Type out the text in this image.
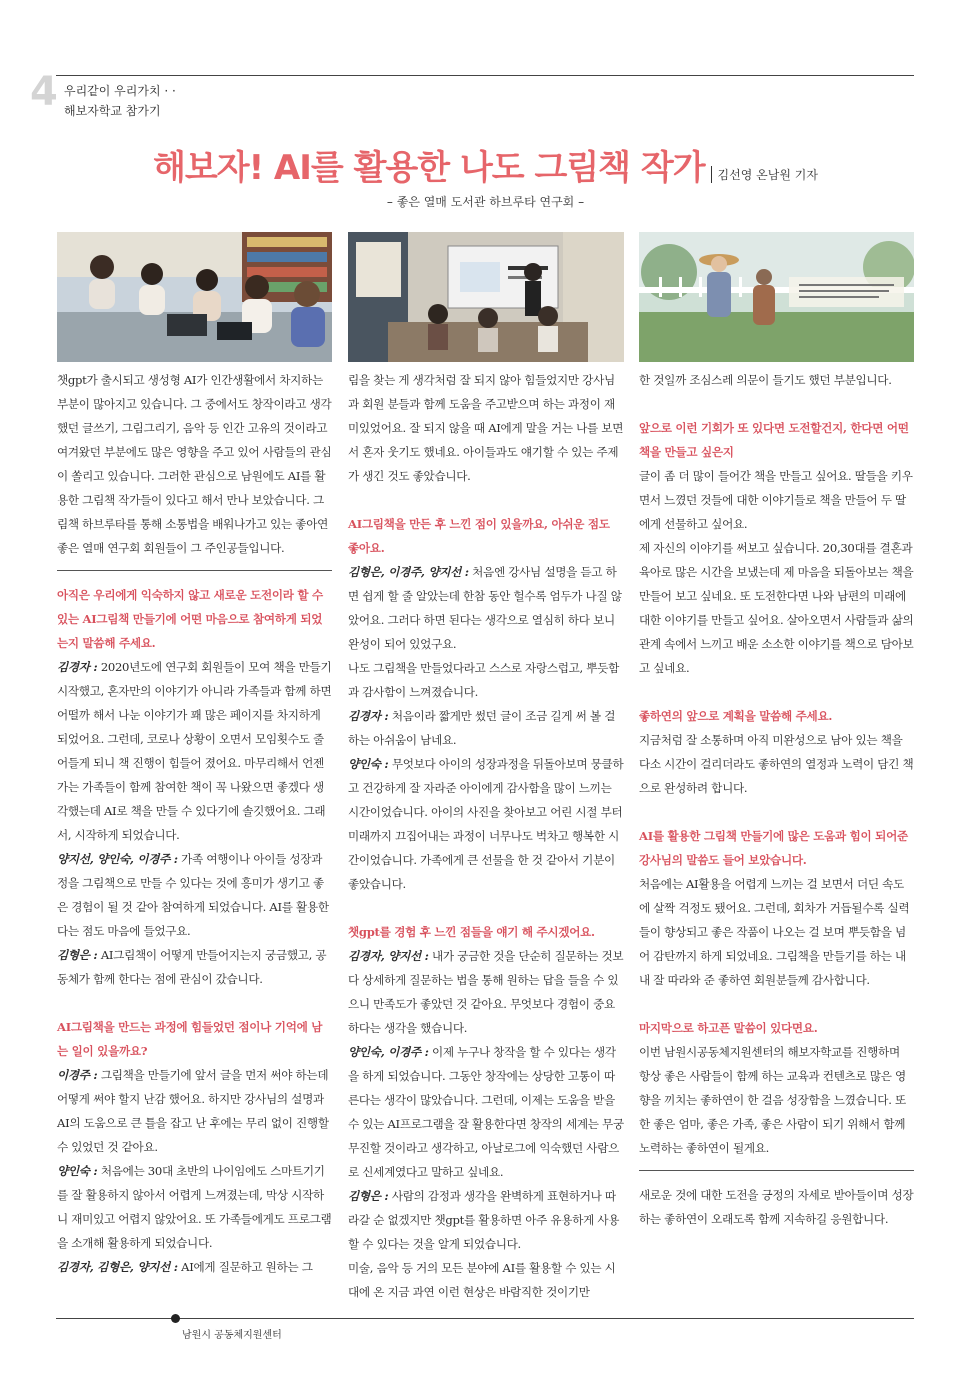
4 우리같이 우리가치 · ·
해보자학교 참가기
해보자! AI를 활용한 나도 그림책 작가 김선영 온남원 기자
– 좋은 열매 도서관 하브루타 연구회 –

챗gpt가 출시되고 생성형 AI가 인간생활에서 차지하는 부분이 많아지고 있습니다. 그 중에서도 창작이라고 생각했던 글쓰기, 그림그리기, 음악 등 인간 고유의 것이라고 여겨왔던 부분에도 많은 영향을 주고 있어 사람들의 관심이 쏠리고 있습니다. 그러한 관심으로 남원에도 AI를 활용한 그림책 작가들이 있다고 해서 만나 보았습니다. 그림책 하브루타를 통해 소통법을 배워나가고 있는 좋아연 좋은 열매 연구회 회원들이 그 주인공들입니다.

아직은 우리에게 익숙하지 않고 새로운 도전이라 할 수 있는 AI그림책 만들기에 어떤 마음으로 참여하게 되었는지 말씀해 주세요.

김경자 : 2020년도에 연구회 회원들이 모여 책을 만들기 시작했고, 혼자만의 이야기가 아니라 가족들과 함께 하면 어떨까 해서 나눈 이야기가 꽤 많은 페이지를 차지하게 되었어요. 그런데, 코로나 상황이 오면서 모임횟수도 줄어들게 되니 책 진행이 힘들어 졌어요. 마무리해서 언젠가는 가족들이 함께 참여한 책이 꼭 나왔으면 좋겠다 생각했는데 AI로 책을 만들 수 있다기에 솔깃했어요. 그래서, 시작하게 되었습니다.

양지선, 양인숙, 이경주 : 가족 여행이나 아이들 성장과정을 그림책으로 만들 수 있다는 것에 흥미가 생기고 좋은 경험이 될 것 같아 참여하게 되었습니다. AI를 활용한다는 점도 마음에 들었구요.

김형은 : AI그림책이 어떻게 만들어지는지 궁금했고, 공동체가 함께 한다는 점에 관심이 갔습니다.

AI그림책을 만드는 과정에 힘들었던 점이나 기억에 남는 일이 있을까요?

이경주 : 그림책을 만들기에 앞서 글을 먼저 써야 하는데 어떻게 써야 할지 난감 했어요. 하지만 강사님의 설명과 AI의 도움으로 큰 틀을 잡고 난 후에는 무리 없이 진행할 수 있었던 것 같아요.

양인숙 : 처음에는 30대 초반의 나이임에도 스마트기기를 잘 활용하지 않아서 어렵게 느껴졌는데, 막상 시작하니 재미있고 어렵지 않았어요. 또 가족들에게도 프로그램을 소개해 활용하게 되었습니다.

김경자, 김형은, 양지선 : AI에게 질문하고 원하는 그

림을 찾는 게 생각처럼 잘 되지 않아 힘들었지만 강사님과 회원 분들과 함께 도움을 주고받으며 하는 과정이 재미있었어요. 잘 되지 않을 때 AI에게 말을 거는 나를 보면서 혼자 웃기도 했네요. 아이들과도 얘기할 수 있는 주제가 생긴 것도 좋았습니다.

AI그림책을 만든 후 느낀 점이 있을까요, 아쉬운 점도 좋아요.

김형은, 이경주, 양지선 : 처음엔 강사님 설명을 듣고 하면 쉽게 할 줄 알았는데 한참 동안 헐수록 엄두가 나질 않았어요. 그러다 하면 된다는 생각으로 열심히 하다 보니 완성이 되어 있었구요.

나도 그림책을 만들었다라고 스스로 자랑스럽고, 뿌듯함과 감사함이 느껴졌습니다.

김경자 : 처음이라 짧게만 썼던 글이 조금 길게 써 볼 걸 하는 아쉬움이 남네요.

양인숙 : 무엇보다 아이의 성장과정을 뒤돌아보며 뭉클하고 건강하게 잘 자라준 아이에게 감사함을 많이 느끼는 시간이었습니다. 아이의 사진을 찾아보고 어린 시절 부터 미래까지 끄집어내는 과정이 너무나도 벅차고 행복한 시간이었습니다. 가족에게 큰 선물을 한 것 같아서 기분이 좋았습니다.

챗gpt를 경험 후 느낀 점들을 얘기 해 주시겠어요.

김경자, 양지선 : 내가 궁금한 것을 단순히 질문하는 것보다 상세하게 질문하는 법을 통해 원하는 답을 들을 수 있으니 만족도가 좋았던 것 같아요. 무엇보다 경험이 중요하다는 생각을 했습니다.

양인숙, 이경주 : 이제 누구나 창작을 할 수 있다는 생각을 하게 되었습니다. 그동안 창작에는 상당한 고통이 따른다는 생각이 많았습니다. 그런데, 이제는 도움을 받을 수 있는 AI프로그램을 잘 활용한다면 창작의 세계는 무궁무진할 것이라고 생각하고, 아날로그에 익숙했던 사람으로 신세계였다고 말하고 싶네요.

김형은 : 사람의 감정과 생각을 완벽하게 표현하거나 따라갈 순 없겠지만 챗gpt를 활용하면 아주 유용하게 사용할 수 있다는 것을 알게 되었습니다.

미술, 음악 등 거의 모든 분야에 AI를 활용할 수 있는 시대에 온 지금 과연 이런 현상은 바람직한 것이기만

한 것일까 조심스레 의문이 들기도 했던 부분입니다.

앞으로 이런 기회가 또 있다면 도전할건지, 한다면 어떤 책을 만들고 싶은지

글이 좀 더 많이 들어간 책을 만들고 싶어요. 딸들을 키우면서 느꼈던 것들에 대한 이야기들로 책을 만들어 두 딸에게 선물하고 싶어요.

제 자신의 이야기를 써보고 싶습니다. 20,30대를 결혼과 육아로 많은 시간을 보냈는데 제 마음을 되돌아보는 책을 만들어 보고 싶네요. 또 도전한다면 나와 남편의 미래에 대한 이야기를 만들고 싶어요. 살아오면서 사람들과 삶의 관계 속에서 느끼고 배운 소소한 이야기를 책으로 담아보고 싶네요.

좋하연의 앞으로 계획을 말씀해 주세요.

지금처럼 잘 소통하며 아직 미완성으로 남아 있는 책을 다소 시간이 걸리더라도 좋하연의 열정과 노력이 담긴 책으로 완성하려 합니다.

AI를 활용한 그림책 만들기에 많은 도움과 힘이 되어준 강사님의 말씀도 들어 보았습니다.

처음에는 AI활용을 어렵게 느끼는 걸 보면서 더딘 속도에 살짝 걱정도 됐어요. 그런데, 회차가 거듭될수록 실력들이 향상되고 좋은 작품이 나오는 걸 보며 뿌듯함을 넘어 감탄까지 하게 되었네요. 그림책을 만들기를 하는 내내 잘 따라와 준 좋하연 회원분들께 감사합니다.

마지막으로 하고픈 말씀이 있다면요.

이번 남원시공동체지원센터의 해보자학교를 진행하며 항상 좋은 사람들이 함께 하는 교육과 컨텐츠로 많은 영향을 끼치는 좋하연이 한 걸음 성장함을 느꼈습니다. 또한 좋은 엄마, 좋은 가족, 좋은 사람이 되기 위해서 함께 노력하는 좋하연이 될게요.

새로운 것에 대한 도전을 긍정의 자세로 받아들이며 성장하는 좋하연이 오래도록 함께 지속하길 응원합니다.

남원시 공동체지원센터
